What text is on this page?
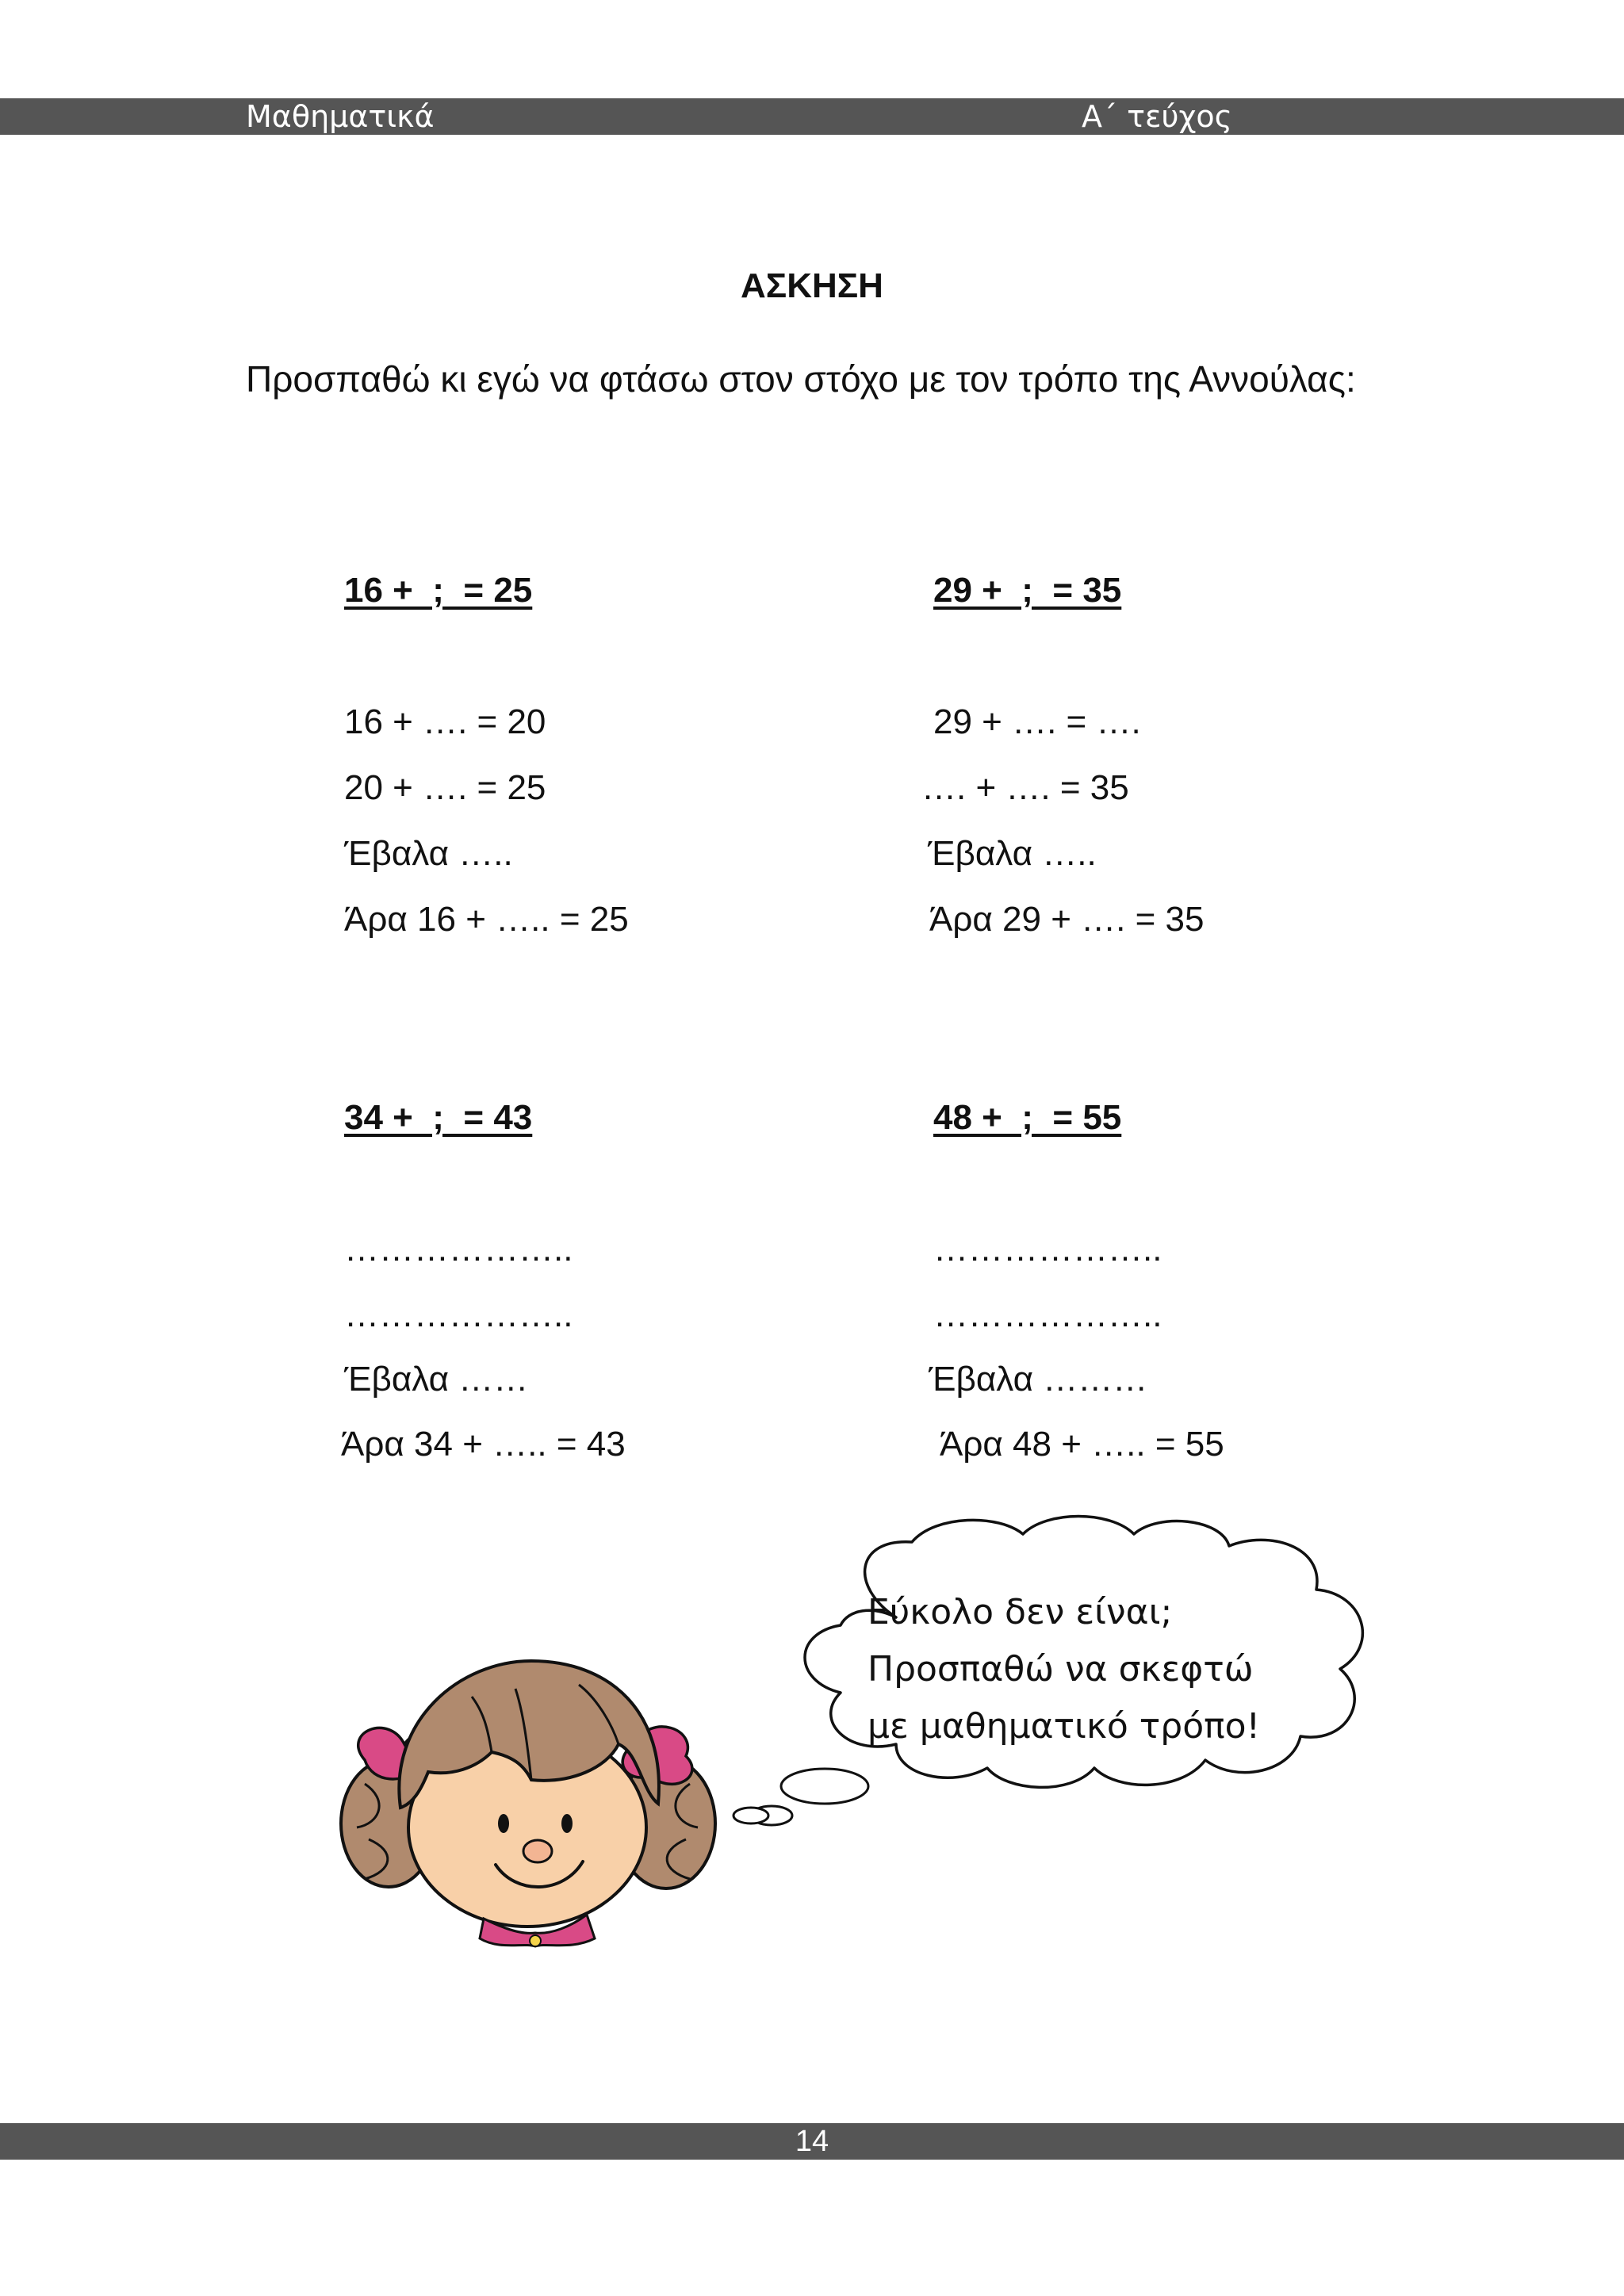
Μαθηματικά	Α΄ τεύχος
ΑΣΚΗΣΗ
Προσπαθώ κι εγώ να φτάσω στον στόχο με τον τρόπο της Αννούλας:
16 +  ;  = 25
16 + …. = 20
20 + …. = 25
Έβαλα …..
Άρα 16 + ….. = 25
29 +  ;  = 35
29 + …. = ….
…. + …. = 35
Έβαλα …..
Άρα 29 + …. = 35
34 +  ;  = 43
………………..
………………..
Έβαλα ……
Άρα 34 + ….. = 43
48 +  ;  = 55
………………..
………………..
Έβαλα ………
Άρα 48 + ….. = 55
Εύκολο δεν είναι;
Προσπαθώ να σκεφτώ
με μαθηματικό τρόπο!
14
